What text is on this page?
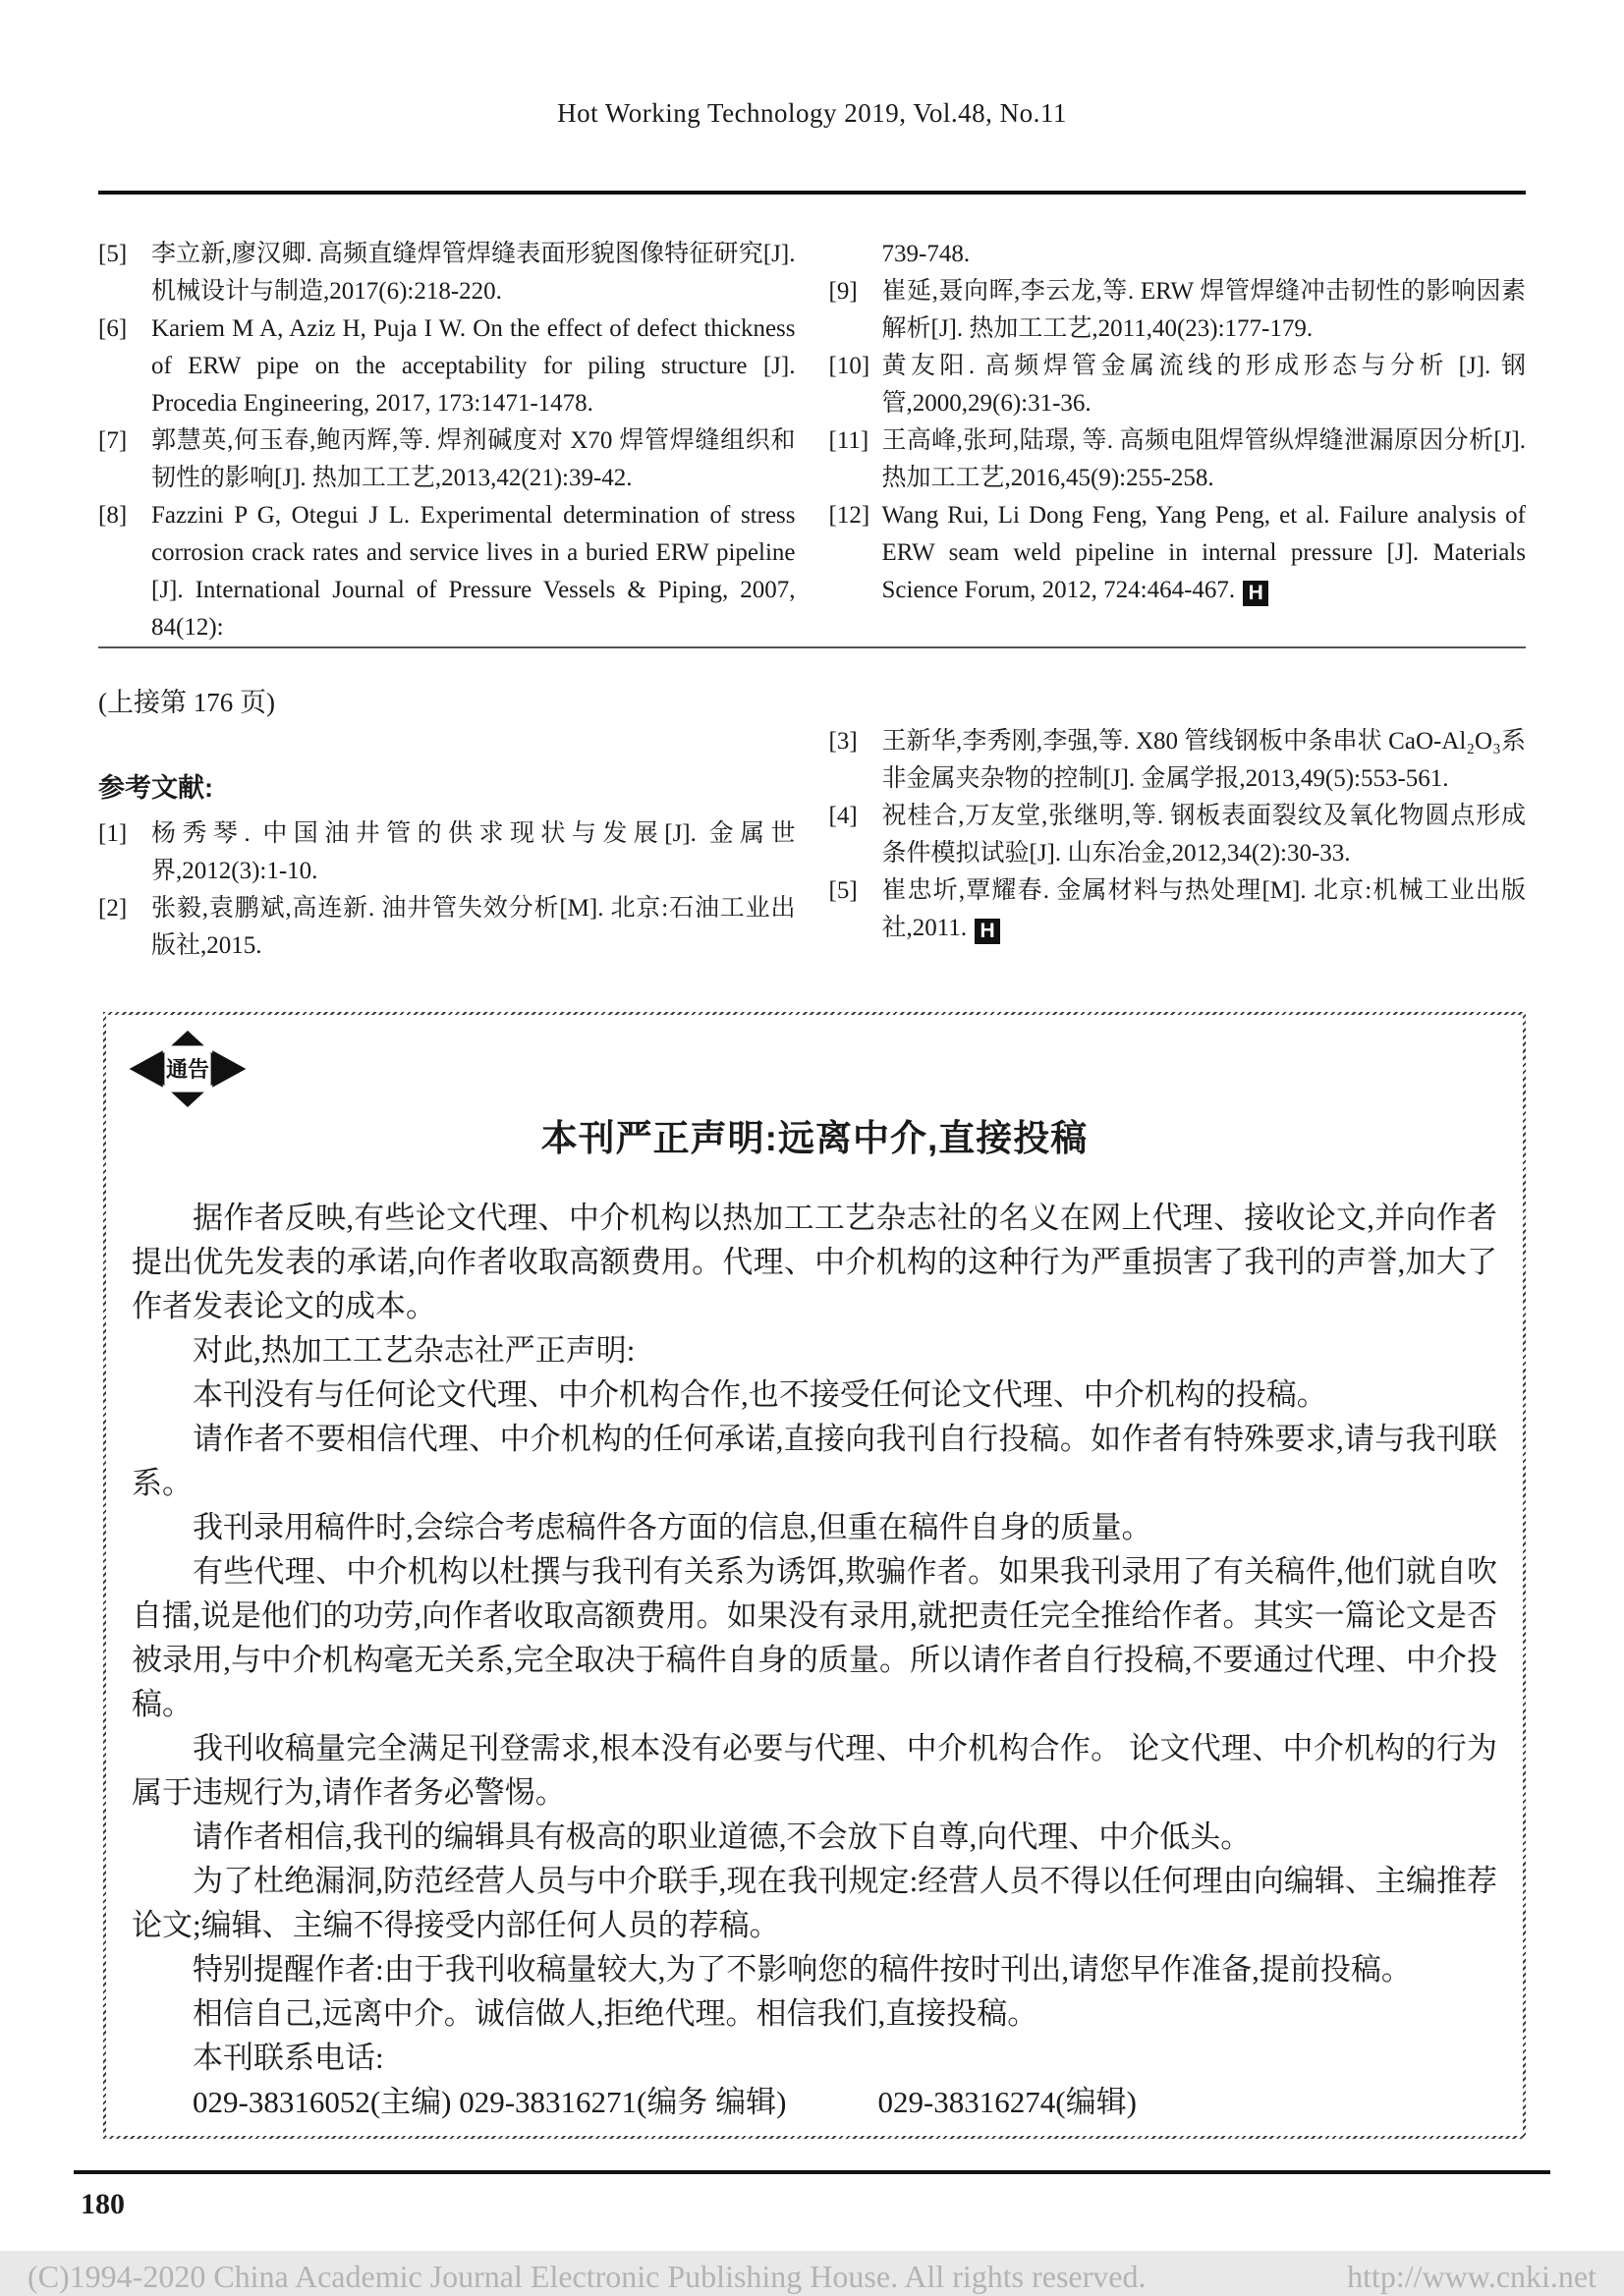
Hot Working Technology 2019, Vol.48, No.11
[5] 李立新,廖汉卿. 高频直缝焊管焊缝表面形貌图像特征研究[J]. 机械设计与制造,2017(6):218-220.
[6] Kariem M A, Aziz H, Puja I W. On the effect of defect thickness of ERW pipe on the acceptability for piling structure [J]. Procedia Engineering, 2017, 173:1471-1478.
[7] 郭慧英,何玉春,鲍丙辉,等. 焊剂碱度对 X70 焊管焊缝组织和韧性的影响[J]. 热加工工艺,2013,42(21):39-42.
[8] Fazzini P G, Otegui J L. Experimental determination of stress corrosion crack rates and service lives in a buried ERW pipeline [J]. International Journal of Pressure Vessels & Piping, 2007, 84(12):
739-748.
[9] 崔延,聂向晖,李云龙,等. ERW 焊管焊缝冲击韧性的影响因素解析[J]. 热加工工艺,2011,40(23):177-179.
[10] 黄友阳. 高频焊管金属流线的形成形态与分析 [J]. 钢管,2000,29(6):31-36.
[11] 王高峰,张珂,陆璟, 等. 高频电阻焊管纵焊缝泄漏原因分析[J]. 热加工工艺,2016,45(9):255-258.
[12] Wang Rui, Li Dong Feng, Yang Peng, et al. Failure analysis of ERW seam weld pipeline in internal pressure [J]. Materials Science Forum, 2012, 724:464-467. H
(上接第 176 页)
参考文献:
[1] 杨秀琴. 中国油井管的供求现状与发展[J]. 金属世界,2012(3):1-10.
[2] 张毅,袁鹏斌,高连新. 油井管失效分析[M]. 北京:石油工业出版社,2015.
[3] 王新华,李秀刚,李强,等. X80 管线钢板中条串状 CaO-Al₂O₃系非金属夹杂物的控制[J]. 金属学报,2013,49(5):553-561.
[4] 祝桂合,万友堂,张继明,等. 钢板表面裂纹及氧化物圆点形成条件模拟试验[J]. 山东冶金,2012,34(2):30-33.
[5] 崔忠圻,覃耀春. 金属材料与热处理[M]. 北京:机械工业出版社,2011. H
通告
本刊严正声明:远离中介,直接投稿

据作者反映,有些论文代理、中介机构以热加工工艺杂志社的名义在网上代理、接收论文,并向作者提出优先发表的承诺,向作者收取高额费用。代理、中介机构的这种行为严重损害了我刊的声誉,加大了作者发表论文的成本。

对此,热加工工艺杂志社严正声明:

本刊没有与任何论文代理、中介机构合作,也不接受任何论文代理、中介机构的投稿。

请作者不要相信代理、中介机构的任何承诺,直接向我刊自行投稿。如作者有特殊要求,请与我刊联系。

我刊录用稿件时,会综合考虑稿件各方面的信息,但重在稿件自身的质量。

有些代理、中介机构以杜撰与我刊有关系为诱饵,欺骗作者。如果我刊录用了有关稿件,他们就自吹自擂,说是他们的功劳,向作者收取高额费用。如果没有录用,就把责任完全推给作者。其实一篇论文是否被录用,与中介机构毫无关系,完全取决于稿件自身的质量。所以请作者自行投稿,不要通过代理、中介投稿。

我刊收稿量完全满足刊登需求,根本没有必要与代理、中介机构合作。 论文代理、中介机构的行为属于违规行为,请作者务必警惕。

请作者相信,我刊的编辑具有极高的职业道德,不会放下自尊,向代理、中介低头。

为了杜绝漏洞,防范经营人员与中介联手,现在我刊规定:经营人员不得以任何理由向编辑、主编推荐论文;编辑、主编不得接受内部任何人员的荐稿。

特别提醒作者:由于我刊收稿量较大,为了不影响您的稿件按时刊出,请您早作准备,提前投稿。

相信自己,远离中介。诚信做人,拒绝代理。相信我们,直接投稿。

本刊联系电话:

029-38316052(主编) 029-38316271(编务 编辑)　　　029-38316274(编辑)

180
(C)1994-2020 China Academic Journal Electronic Publishing House. All rights reserved.	http://www.cnki.net
